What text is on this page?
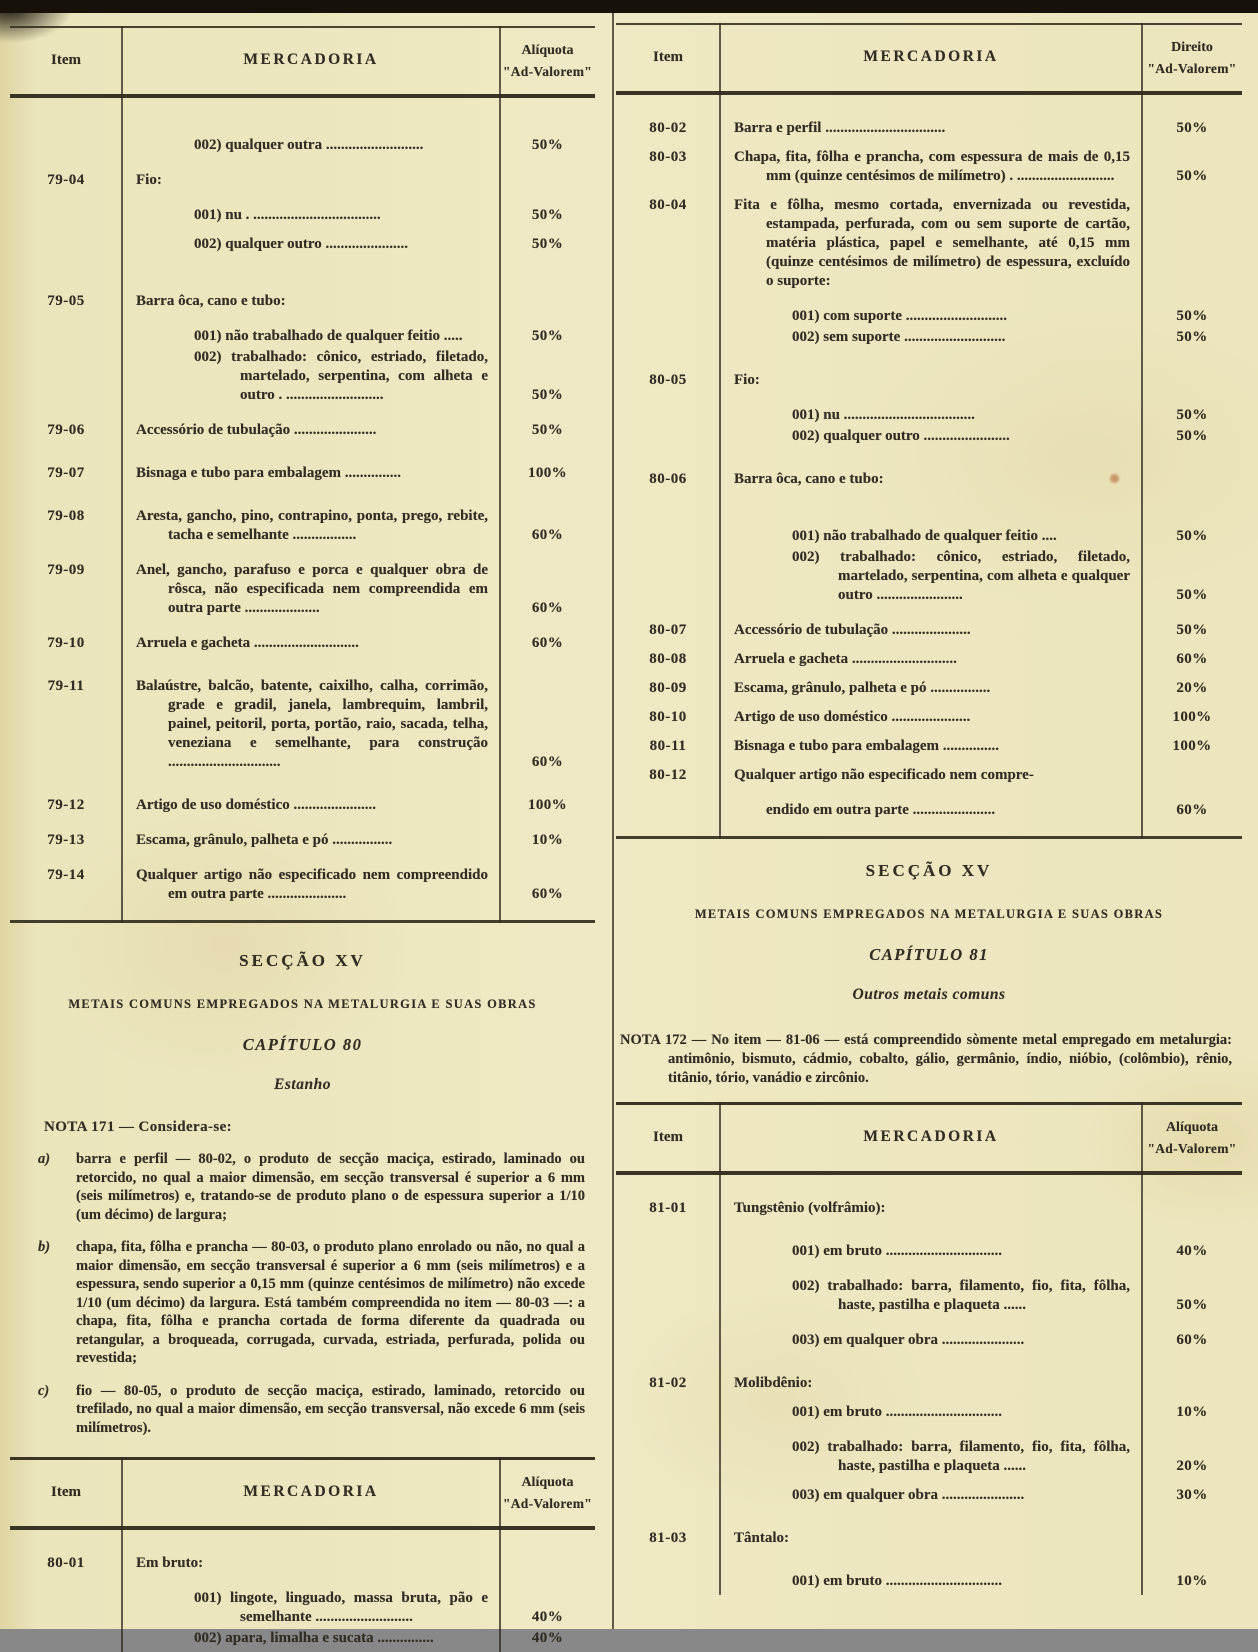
Item	MERCADORIA
Alíquota
"Ad-Valorem"
002) qualquer outra ..........................	50%
79-04	Fio:
001) nu . ..................................	50%
002) qualquer outro ......................	50%
79-05	Barra ôca, cano e tubo:
001) não trabalhado de qualquer feitio .....	50%
002) trabalhado: cônico, estriado, filetado, martelado, serpentina, com alheta e outro . ..........................	50%
79-06	Accessório de tubulação ......................	50%
79-07	Bisnaga e tubo para embalagem ...............	100%
79-08	Aresta, gancho, pino, contrapino, ponta, prego, rebite, tacha e semelhante .................	60%
79-09	Anel, gancho, parafuso e porca e qualquer obra de rôsca, não especificada nem compreendida em outra parte ....................	60%
79-10	Arruela e gacheta ............................	60%
79-11	Balaústre, balcão, batente, caixilho, calha, corrimão, grade e gradil, janela, lambrequim, lambril, painel, peitoril, porta, portão, raio, sacada, telha, veneziana e semelhante, para construção ..............................	60%
79-12	Artigo de uso doméstico ......................	100%
79-13	Escama, grânulo, palheta e pó ................	10%
79-14	Qualquer artigo não especificado nem compreendido em outra parte .....................	60%
SECÇÃO XV
METAIS COMUNS EMPREGADOS NA METALURGIA E SUAS OBRAS
CAPÍTULO 80
Estanho
NOTA 171 — Considera-se:
a)	barra e perfil — 80-02, o produto de secção maciça, estirado, laminado ou retorcido, no qual a maior dimensão, em secção transversal é superior a 6 mm (seis milímetros) e, tratando-se de produto plano o de espessura superior a 1/10 (um décimo) de largura;
b)	chapa, fita, fôlha e prancha — 80-03, o produto plano enrolado ou não, no qual a maior dimensão, em secção transversal é superior a 6 mm (seis milímetros) e a espessura, sendo superior a 0,15 mm (quinze centésimos de milímetro) não excede 1/10 (um décimo) da largura. Está também compreendida no item — 80-03 —: a chapa, fita, fôlha e prancha cortada de forma diferente da quadrada ou retangular, a broqueada, corrugada, curvada, estriada, perfurada, polida ou revestida;
c)	fio — 80-05, o produto de secção maciça, estirado, laminado, retorcido ou trefilado, no qual a maior dimensão, em secção transversal, não excede 6 mm (seis milímetros).
Item	MERCADORIA
Alíquota
"Ad-Valorem"
80-01	Em bruto:
001) lingote, linguado, massa bruta, pão e semelhante ..........................	40%
002) apara, limalha e sucata ...............	40%
Item	MERCADORIA
Direito
"Ad-Valorem"
80-02	Barra e perfil ................................	50%
80-03	Chapa, fita, fôlha e prancha, com espessura de mais de 0,15 mm (quinze centésimos de milímetro) . ..........................	50%
80-04	Fita e fôlha, mesmo cortada, envernizada ou revestida, estampada, perfurada, com ou sem suporte de cartão, matéria plástica, papel e semelhante, até 0,15 mm (quinze centésimos de milímetro) de espessura, excluído o suporte:
001) com suporte ...........................	50%
002) sem suporte ...........................	50%
80-05	Fio:
001) nu ...................................	50%
002) qualquer outro .......................	50%
80-06	Barra ôca, cano e tubo:
001) não trabalhado de qualquer feitio ....	50%
002) trabalhado: cônico, estriado, filetado, martelado, serpentina, com alheta e qualquer outro .......................	50%
80-07	Accessório de tubulação .....................	50%
80-08	Arruela e gacheta ............................	60%
80-09	Escama, grânulo, palheta e pó ................	20%
80-10	Artigo de uso doméstico .....................	100%
80-11	Bisnaga e tubo para embalagem ...............	100%
80-12	Qualquer artigo não especificado nem compre-
endido em outra parte ......................	60%
SECÇÃO XV
METAIS COMUNS EMPREGADOS NA METALURGIA E SUAS OBRAS
CAPÍTULO 81
Outros metais comuns
NOTA 172 — No item — 81-06 — está compreendido sòmente metal empregado em metalurgia: antimônio, bismuto, cádmio, cobalto, gálio, germânio, índio, nióbio, (colômbio), rênio, titânio, tório, vanádio e zircônio.
Item	MERCADORIA
Alíquota
"Ad-Valorem"
81-01	Tungstênio (volfrâmio):
001) em bruto ...............................	40%
002) trabalhado: barra, filamento, fio, fita, fôlha, haste, pastilha e plaqueta ......	50%
003) em qualquer obra ......................	60%
81-02	Molibdênio:
001) em bruto ...............................	10%
002) trabalhado: barra, filamento, fio, fita, fôlha, haste, pastilha e plaqueta ......	20%
003) em qualquer obra ......................	30%
81-03	Tântalo:
001) em bruto ...............................	10%
